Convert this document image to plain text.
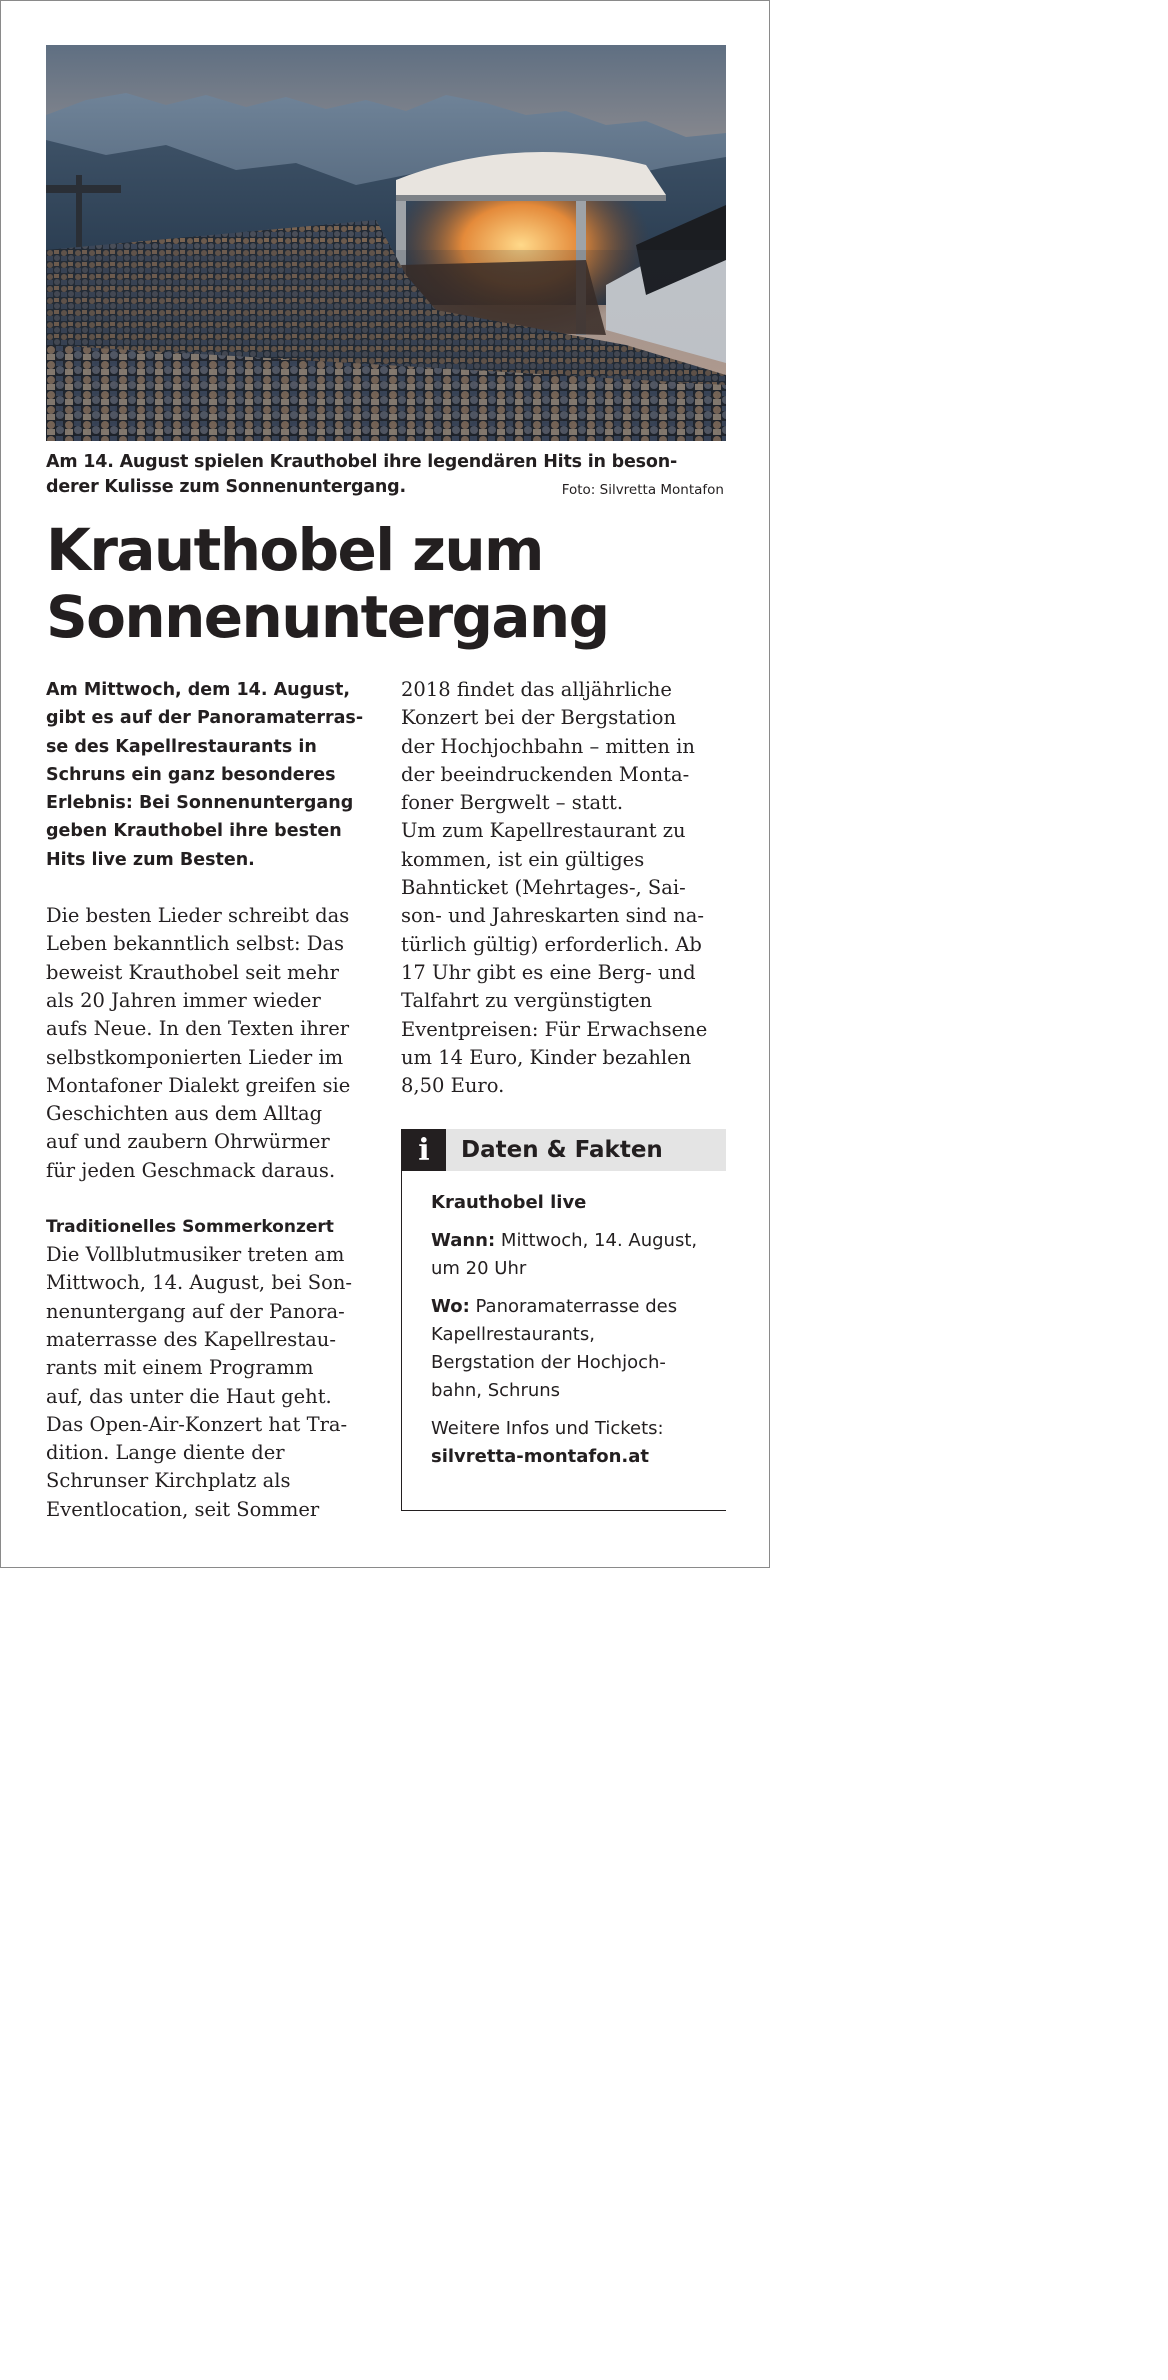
Am 14. August spielen Krauthobel ihre legendären Hits in beson-
derer Kulisse zum Sonnenuntergang.	Foto: Silvretta Montafon
Krauthobel zum
Sonnenuntergang
Am Mittwoch, dem 14. August,
gibt es auf der Panoramaterras-
se des Kapellrestaurants in
Schruns ein ganz besonderes
Erlebnis: Bei Sonnenuntergang
geben Krauthobel ihre besten
Hits live zum Besten.
Die besten Lieder schreibt das
Leben bekanntlich selbst: Das
beweist Krauthobel seit mehr
als 20 Jahren immer wieder
aufs Neue. In den Texten ihrer
selbstkomponierten Lieder im
Montafoner Dialekt greifen sie
Geschichten aus dem Alltag
auf und zaubern Ohrwürmer
für jeden Geschmack daraus.
Traditionelles Sommerkonzert
Die Vollblutmusiker treten am
Mittwoch, 14. August, bei Son-
nenuntergang auf der Panora-
materrasse des Kapellrestau-
rants mit einem Programm
auf, das unter die Haut geht.
Das Open-Air-Konzert hat Tra-
dition. Lange diente der
Schrunser Kirchplatz als
Eventlocation, seit Sommer
2018 findet das alljährliche
Konzert bei der Bergstation
der Hochjochbahn – mitten in
der beeindruckenden Monta-
foner Bergwelt – statt.
Um zum Kapellrestaurant zu
kommen, ist ein gültiges
Bahnticket (Mehrtages-, Sai-
son- und Jahreskarten sind na-
türlich gültig) erforderlich. Ab
17 Uhr gibt es eine Berg- und
Talfahrt zu vergünstigten
Eventpreisen: Für Erwachsene
um 14 Euro, Kinder bezahlen
8,50 Euro.
i	Daten & Fakten

Krauthobel live

Wann: Mittwoch, 14. August,
um 20 Uhr

Wo: Panoramaterrasse des
Kapellrestaurants,
Bergstation der Hochjoch-
bahn, Schruns

Weitere Infos und Tickets:
silvretta-montafon.at
